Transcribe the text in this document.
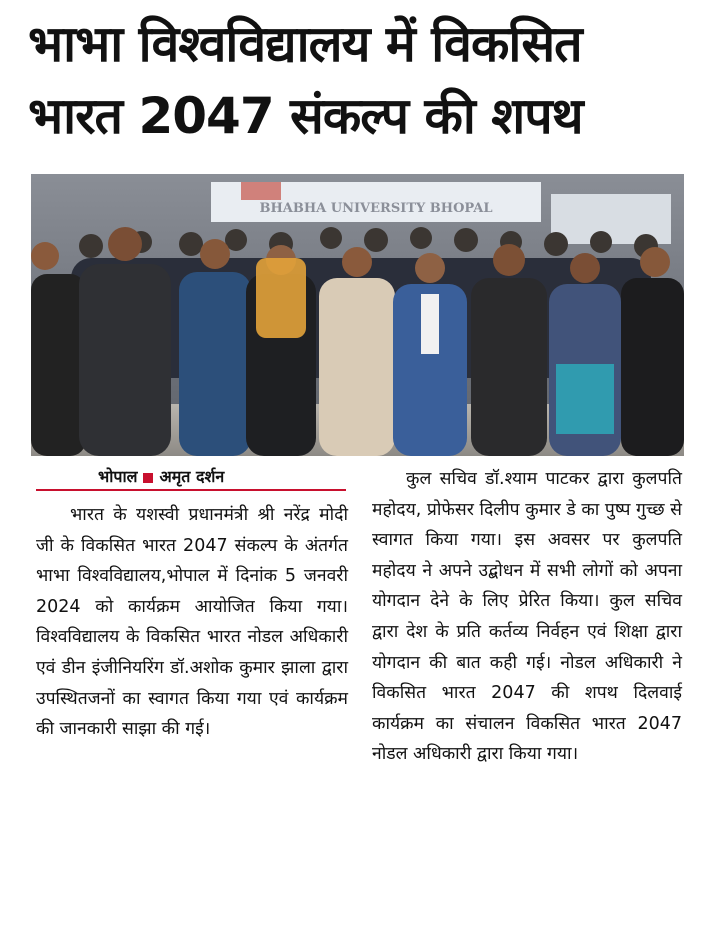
भाभा विश्वविद्यालय में विकसित
भारत 2047 संकल्प की शपथ
BHABHA UNIVERSITY BHOPAL
भोपाल अमृत दर्शन
भारत के यशस्वी प्रधानमंत्री श्री नरेंद्र मोदी जी के विकसित भारत 2047 संकल्प के अंतर्गत भाभा विश्वविद्यालय,भोपाल में दिनांक 5 जनवरी 2024 को कार्यक्रम आयोजित किया गया। विश्वविद्यालय के विकसित भारत नोडल अधिकारी एवं डीन इंजीनियरिंग डॉ.अशोक कुमार झाला द्वारा उपस्थितजनों का स्वागत किया गया एवं कार्यक्रम की जानकारी साझा की गई।
कुल सचिव डॉ.श्याम पाटकर द्वारा कुलपति महोदय, प्रोफेसर दिलीप कुमार डे का पुष्प गुच्छ से स्वागत किया गया। इस अवसर पर कुलपति महोदय ने अपने उद्बोधन में सभी लोगों को अपना योगदान देने के लिए प्रेरित किया। कुल सचिव द्वारा देश के प्रति कर्तव्य निर्वहन एवं शिक्षा द्वारा योगदान की बात कही गई। नोडल अधिकारी ने विकसित भारत 2047 की शपथ दिलवाई कार्यक्रम का संचालन विकसित भारत 2047 नोडल अधिकारी द्वारा किया गया।
